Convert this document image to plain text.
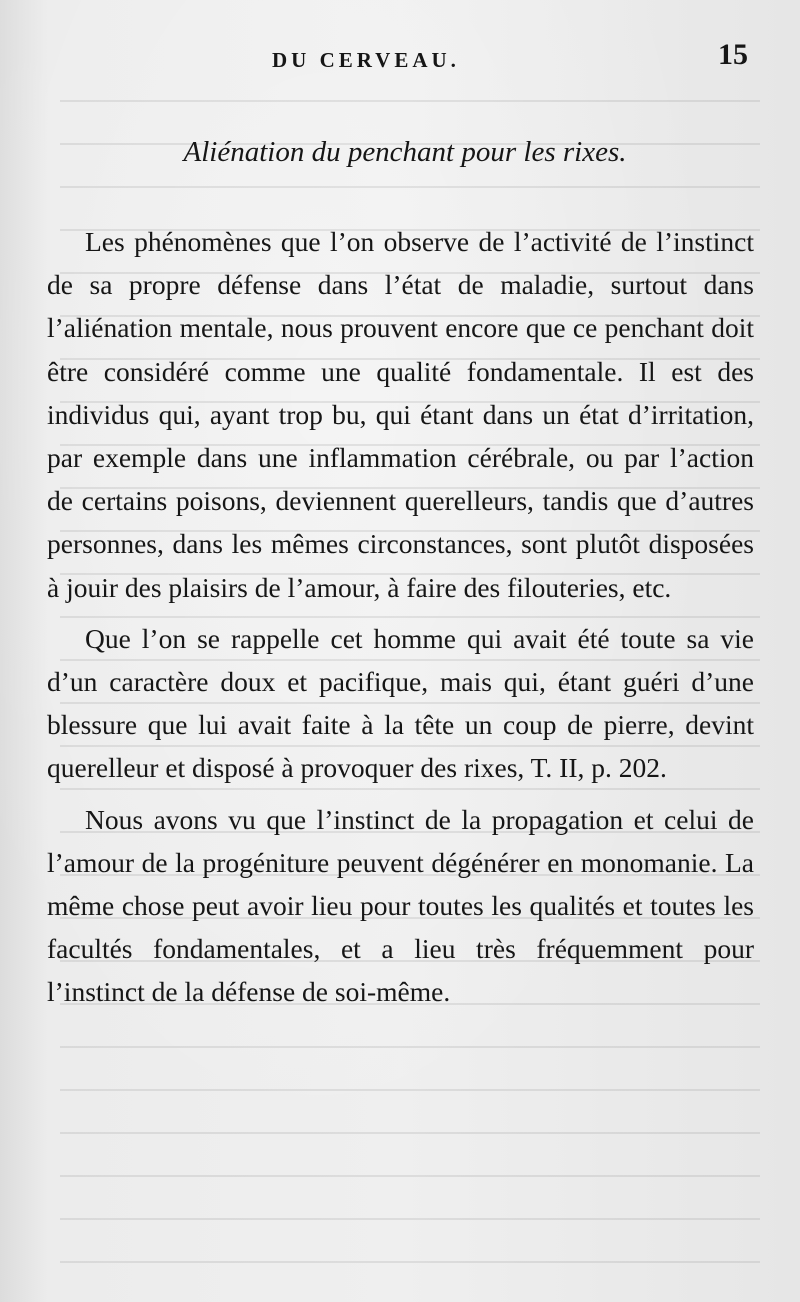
DU CERVEAU.	15
Aliénation du penchant pour les rixes.

Les phénomènes que l’on observe de l’activité de l’instinct de sa propre défense dans l’état de maladie, surtout dans l’aliénation mentale, nous prouvent encore que ce penchant doit être considéré comme une qualité fondamentale. Il est des individus qui, ayant trop bu, qui étant dans un état d’irritation, par exemple dans une inflammation cérébrale, ou par l’action de certains poisons, deviennent querelleurs, tandis que d’autres personnes, dans les mêmes circonstances, sont plutôt disposées à jouir des plaisirs de l’amour, à faire des filouteries, etc.

Que l’on se rappelle cet homme qui avait été toute sa vie d’un caractère doux et pacifique, mais qui, étant guéri d’une blessure que lui avait faite à la tête un coup de pierre, devint querelleur et disposé à provoquer des rixes, T. II, p. 202.

Nous avons vu que l’instinct de la propagation et celui de l’amour de la progéniture peuvent dégénérer en monomanie. La même chose peut avoir lieu pour toutes les qualités et toutes les facultés fondamentales, et a lieu très fréquemment pour l’instinct de la défense de soi-même.
